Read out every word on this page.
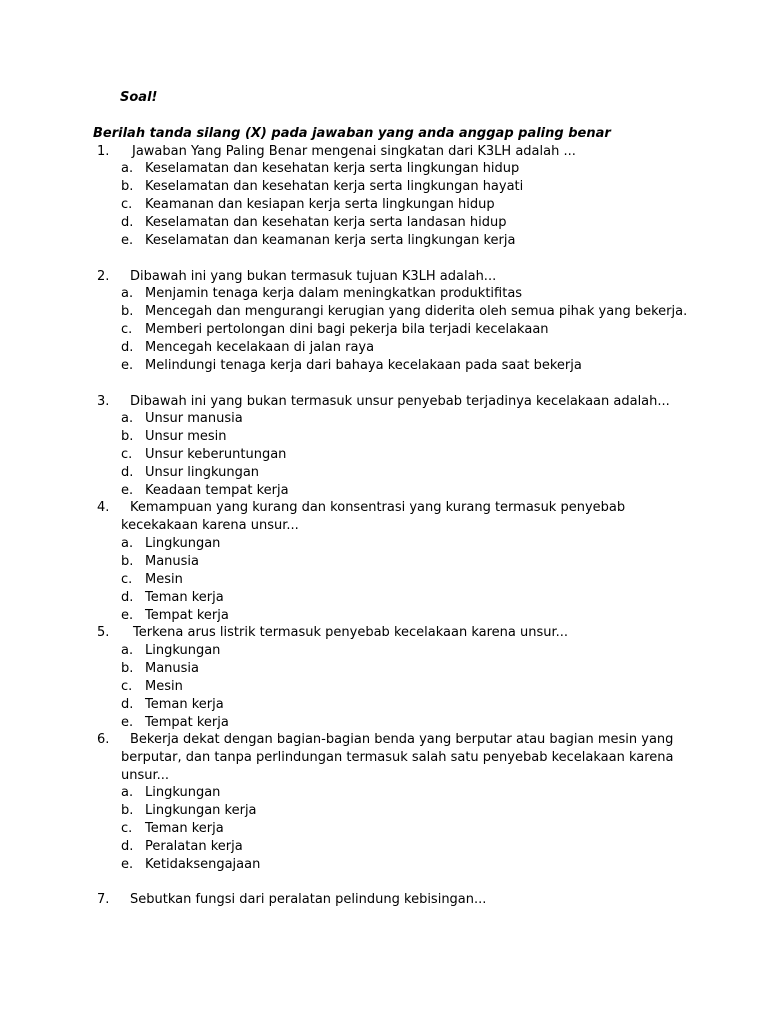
Soal!
Berilah tanda silang (X) pada jawaban yang anda anggap paling benar
1. Jawaban Yang Paling Benar mengenai singkatan dari K3LH adalah ...
a. Keselamatan dan kesehatan kerja serta lingkungan hidup
b. Keselamatan dan kesehatan kerja serta lingkungan hayati
c. Keamanan dan kesiapan kerja serta lingkungan hidup
d. Keselamatan dan kesehatan kerja serta landasan hidup
e. Keselamatan dan keamanan kerja serta lingkungan kerja
2. Dibawah ini yang bukan termasuk tujuan K3LH adalah...
a. Menjamin tenaga kerja dalam meningkatkan produktifitas
b. Mencegah dan mengurangi kerugian yang diderita oleh semua pihak yang bekerja.
c. Memberi pertolongan dini bagi pekerja bila terjadi kecelakaan
d. Mencegah kecelakaan di jalan raya
e. Melindungi tenaga kerja dari bahaya kecelakaan pada saat bekerja
3. Dibawah ini yang bukan termasuk unsur penyebab terjadinya kecelakaan adalah...
a. Unsur manusia
b. Unsur mesin
c. Unsur keberuntungan
d. Unsur lingkungan
e. Keadaan tempat kerja
4. Kemampuan yang kurang dan konsentrasi yang kurang termasuk penyebab
kecekakaan karena unsur...
a. Lingkungan
b. Manusia
c. Mesin
d. Teman kerja
e. Tempat kerja
5. Terkena arus listrik termasuk penyebab kecelakaan karena unsur...
a. Lingkungan
b. Manusia
c. Mesin
d. Teman kerja
e. Tempat kerja
6. Bekerja dekat dengan bagian-bagian benda yang berputar atau bagian mesin yang
berputar, dan tanpa perlindungan termasuk salah satu penyebab kecelakaan karena
unsur...
a. Lingkungan
b. Lingkungan kerja
c. Teman kerja
d. Peralatan kerja
e. Ketidaksengajaan
7. Sebutkan fungsi dari peralatan pelindung kebisingan...
